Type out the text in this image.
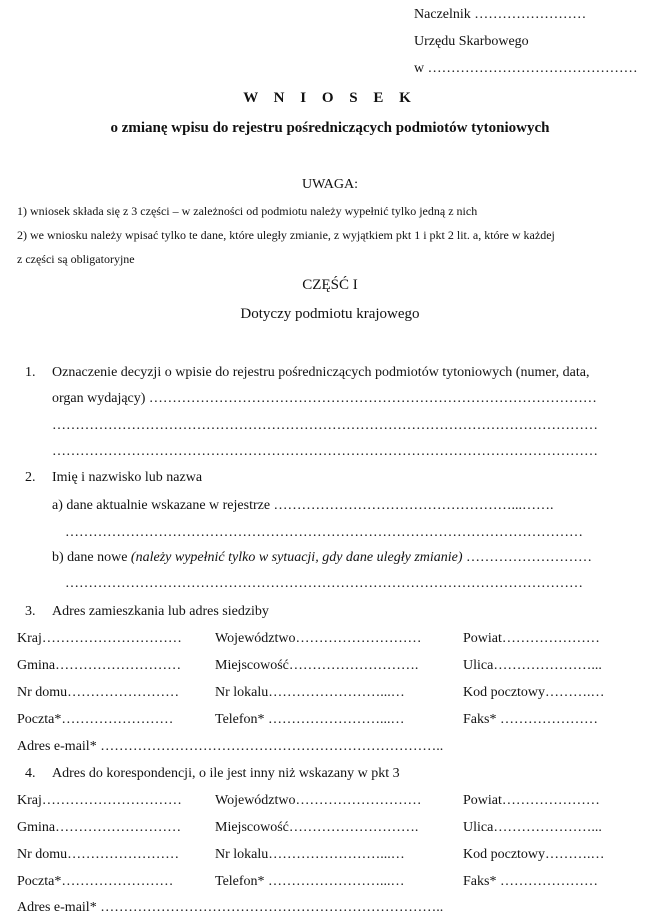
Naczelnik ……………………
Urzędu Skarbowego
w ………………………………………
W N I O S E K
o zmianę wpisu do rejestru pośredniczących podmiotów tytoniowych
UWAGA:
1) wniosek składa się z 3 części – w zależności od podmiotu należy wypełnić tylko jedną z nich
2) we wniosku należy wpisać tylko te dane, które uległy zmianie, z wyjątkiem pkt 1 i pkt 2 lit. a, które w każdej
z części są obligatoryjne
CZĘŚĆ I
Dotyczy podmiotu krajowego
1. Oznaczenie decyzji o wpisie do rejestru pośredniczących podmiotów tytoniowych (numer, data,
organ wydający) ……………………………………………………………………………………
………………………………………………………………………………………………………
………………………………………………………………………………………………………
2. Imię i nazwisko lub nazwa
a) dane aktualnie wskazane w rejestrze ……………………………………………...…….
…………………………………………………………………………………………………
b) dane nowe (należy wypełnić tylko w sytuacji, gdy dane uległy zmianie) ………………………
…………………………………………………………………………………………………
3. Adres zamieszkania lub adres siedziby
Kraj………………………… Województwo………………………	Powiat…………………
Gmina……………………… Miejscowość……………………….	Ulica…………………...
Nr domu……………………	Nr lokalu……………………...…	Kod pocztowy……….…
Poczta*……………………	Telefon* ……………………...…	Faks* …………………
Adres e-mail* ………………………………………………………………..
4. Adres do korespondencji, o ile jest inny niż wskazany w pkt 3
Kraj………………………… Województwo………………………	Powiat…………………
Gmina……………………… Miejscowość……………………….	Ulica…………………...
Nr domu……………………	Nr lokalu……………………...…	Kod pocztowy……….…
Poczta*……………………	Telefon* ……………………...…	Faks* …………………
Adres e-mail* ………………………………………………………………..
